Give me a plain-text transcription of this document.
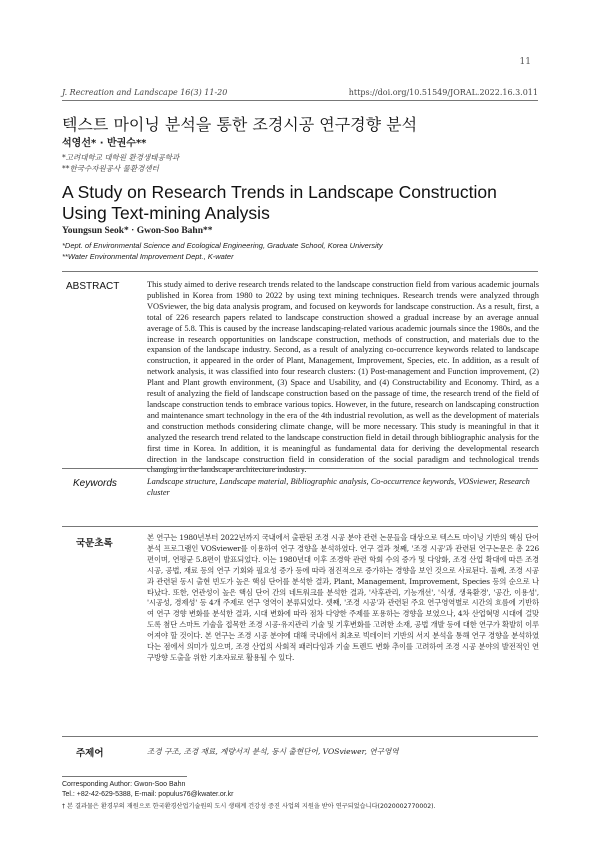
11
J. Recreation and Landscape 16(3) 11-20	https://doi.org/10.51549/JORAL.2022.16.3.011
텍스트 마이닝 분석을 통한 조경시공 연구경향 분석
석영선* · 반권수**
*고려대학교 대학원 환경생태공학과
**한국수자원공사 물환경센터
A Study on Research Trends in Landscape Construction Using Text-mining Analysis
Youngsun Seok* · Gwon-Soo Bahn**
*Dept. of Environmental Science and Ecological Engineering, Graduate School, Korea University
**Water Environmental Improvement Dept., K-water
ABSTRACT	This study aimed to derive research trends related to the landscape construction field from various academic journals published in Korea from 1980 to 2022 by using text mining techniques. Research trends were analyzed through VOSviewer, the big data analysis program, and focused on keywords for landscape construction. As a result, first, a total of 226 research papers related to landscape construction showed a gradual increase by an average annual average of 5.8. This is caused by the increase landscaping-related various academic journals since the 1980s, and the increase in research opportunities on landscape construction, methods of construction, and materials due to the expansion of the landscape industry. Second, as a result of analyzing co-occurrence keywords related to landscape construction, it appeared in the order of Plant, Management, Improvement, Species, etc. In addition, as a result of network analysis, it was classified into four research clusters: (1) Post-management and Function improvement, (2) Plant and Plant growth environment, (3) Space and Usability, and (4) Constructability and Economy. Third, as a result of analyzing the field of landscape construction based on the passage of time, the research trend of the field of landscape construction tends to embrace various topics. However, in the future, research on landscaping construction and maintenance smart technology in the era of the 4th industrial revolution, as well as the development of materials and construction methods considering climate change, will be more necessary. This study is meaningful in that it analyzed the research trend related to the landscape construction field in detail through bibliographic analysis for the first time in Korea. In addition, it is meaningful as fundamental data for deriving the developmental research direction in the landscape construction field in consideration of the social paradigm and technological trends changing in the landscape architecture industry.
Keywords	Landscape structure, Landscape material, Bibliographic analysis, Co-occurrence keywords, VOSviewer, Research cluster
국문초록
본 연구는 1980년부터 2022년까지 국내에서 출판된 조경 시공 분야 관련 논문들을 대상으로 텍스트 마이닝 기반의 핵심 단어 분석 프로그램인 VOSviewer를 이용하여 연구 경향을 분석하였다. 연구 결과 첫째, '조경 시공'과 관련된 연구논문은 총 226편이며, 연평균 5.8편이 발표되었다. 이는 1980년대 이후 조경학 관련 학회 수의 증가 및 다양화, 조경 산업 확대에 따른 조경 시공, 공법, 재료 등의 연구 기회와 필요성 증가 등에 따라 점진적으로 증가하는 경향을 보인 것으로 사료된다. 둘째, 조경 시공과 관련된 동시 출현 빈도가 높은 핵심 단어를 분석한 결과, Plant, Management, Improvement, Species 등의 순으로 나타났다. 또한, 연관성이 높은 핵심 단어 간의 네트워크를 분석한 결과, '사후관리, 기능개선', '식생, 생육환경', '공간, 이용성', '시공성, 경제성' 등 4개 주제로 연구 영역이 분류되었다. 셋째, '조경 시공'과 관련된 주요 연구영역별로 시간의 흐름에 기반하여 연구 경향 변화를 분석한 결과, 시대 변화에 따라 점차 다양한 주제를 포용하는 경향을 보였으나, 4차 산업혁명 시대에 걸맞도록 첨단 스마트 기술을 접목한 조경 시공·유지관리 기술 및 기후변화를 고려한 소재, 공법 개발 등에 대한 연구가 확발히 이루어져야 할 것이다. 본 연구는 조경 시공 분야에 대해 국내에서 최초로 빅데이터 기반의 서지 분석을 통해 연구 경향을 분석하였다는 점에서 의미가 있으며, 조경 산업의 사회적 패러다임과 기술 트렌드 변화 추이를 고려하여 조경 시공 분야의 발전적인 연구방향 도출을 위한 기초자료로 활용될 수 있다.
주제어	조경 구조, 조경 재료, 계량서지 분석, 동시 출현단어, VOSviewer, 연구영역
Corresponding Author: Gwon-Soo Bahn
Tel.: +82-42-629-5388, E-mail: populus76@kwater.or.kr
† 본 결과물은 환경부의 재원으로 한국환경산업기술원의 도시 생태계 건강성 증진 사업의 지원을 받아 연구되었습니다(2020002770002).
